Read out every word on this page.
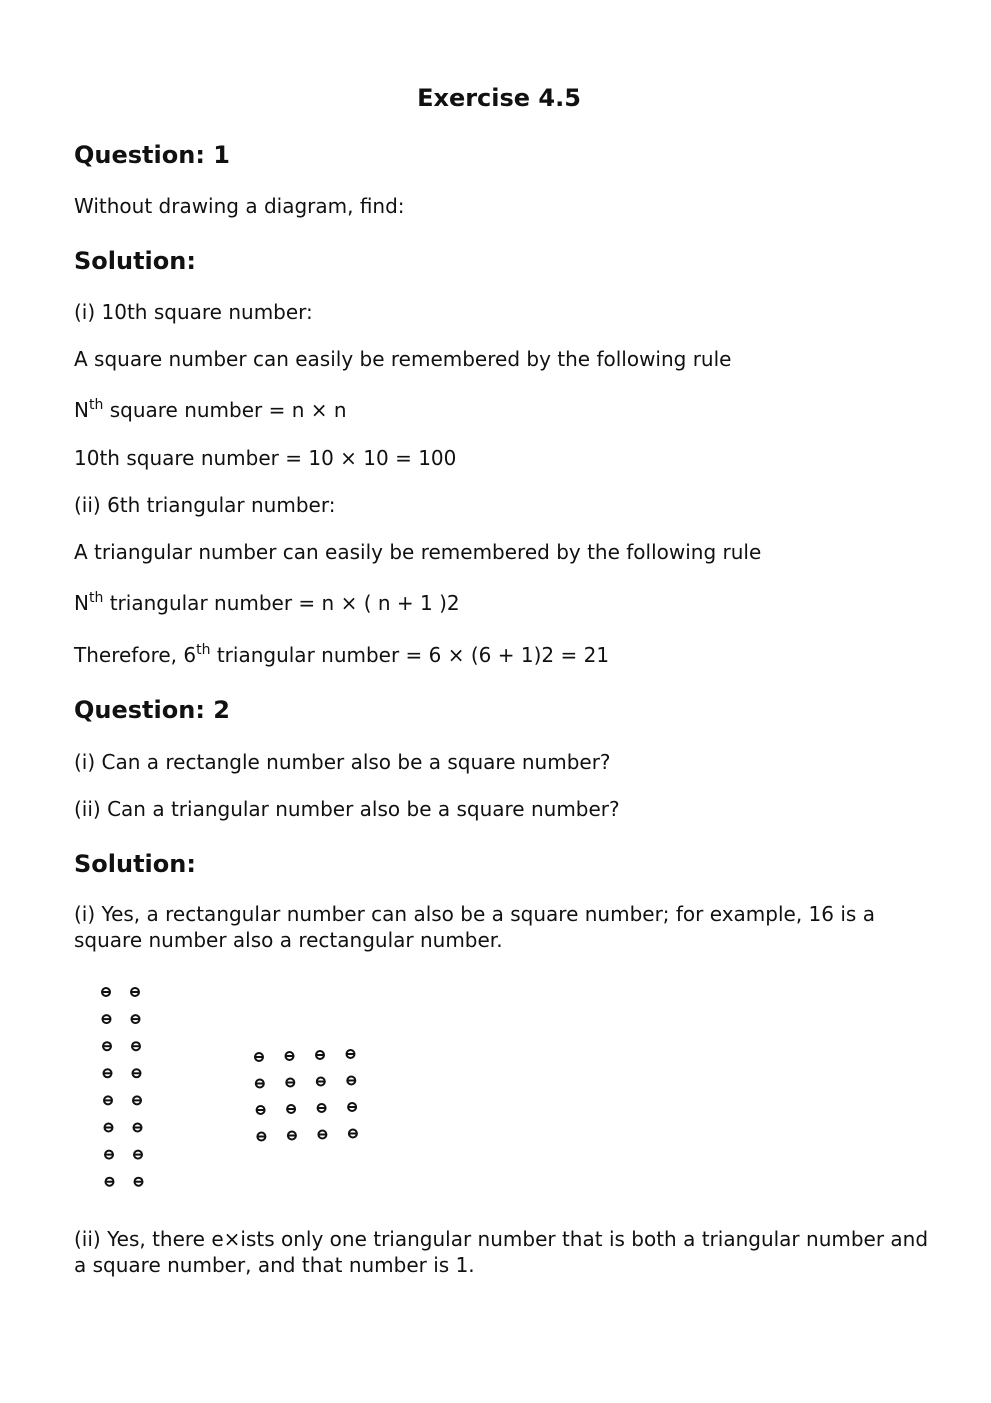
Exercise 4.5
Question: 1

Without drawing a diagram, find:

Solution:

(i) 10th square number:

A square number can easily be remembered by the following rule

$N^{th}$ square number = n × n

10th square number = 10 × 10 = 100

(ii) 6th triangular number:

A triangular number can easily be remembered by the following rule

$N^{th}$ triangular number = n × ( n + 1 )2

Therefore, 6th triangular number = 6 × (6 + 1)2 = 21

Question: 2

(i) Can a rectangle number also be a square number?

(ii) Can a triangular number also be a square number?

Solution:

(i) Yes, a rectangular number can also be a square number; for example, 16 is a square number also a rectangular number.

(ii) Yes, there e×ists only one triangular number that is both a triangular number and a square number, and that number is 1.
